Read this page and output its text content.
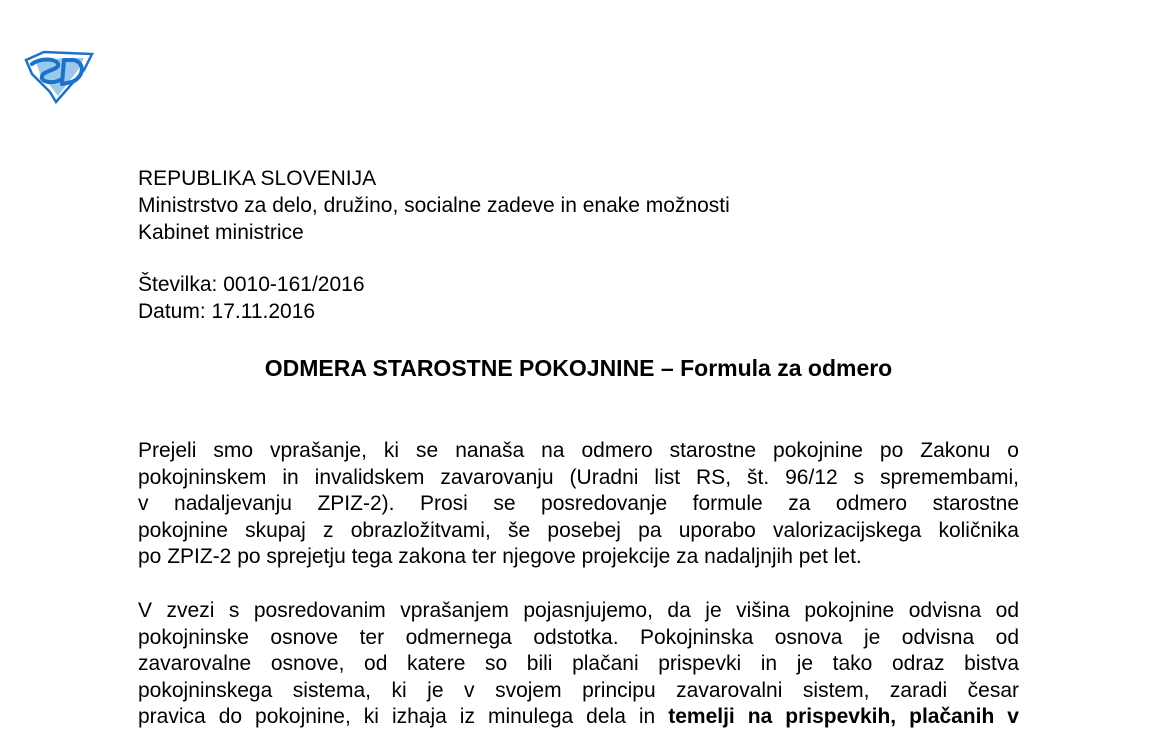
REPUBLIKA SLOVENIJA
Ministrstvo za delo, družino, socialne zadeve in enake možnosti
Kabinet ministrice
Številka: 0010-161/2016
Datum: 17.11.2016
ODMERA STAROSTNE POKOJNINE – Formula za odmero
Prejeli smo vprašanje, ki se nanaša na odmero starostne pokojnine po Zakonu o
pokojninskem in invalidskem zavarovanju (Uradni list RS, št. 96/12 s spremembami,
v nadaljevanju ZPIZ-2). Prosi se posredovanje formule za odmero starostne
pokojnine skupaj z obrazložitvami, še posebej pa uporabo valorizacijskega količnika
po ZPIZ-2 po sprejetju tega zakona ter njegove projekcije za nadaljnjih pet let.
V zvezi s posredovanim vprašanjem pojasnjujemo, da je višina pokojnine odvisna od
pokojninske osnove ter odmernega odstotka. Pokojninska osnova je odvisna od
zavarovalne osnove, od katere so bili plačani prispevki in je tako odraz bistva
pokojninskega sistema, ki je v svojem principu zavarovalni sistem, zaradi česar
pravica do pokojnine, ki izhaja iz minulega dela in temelji na prispevkih, plačanih v
